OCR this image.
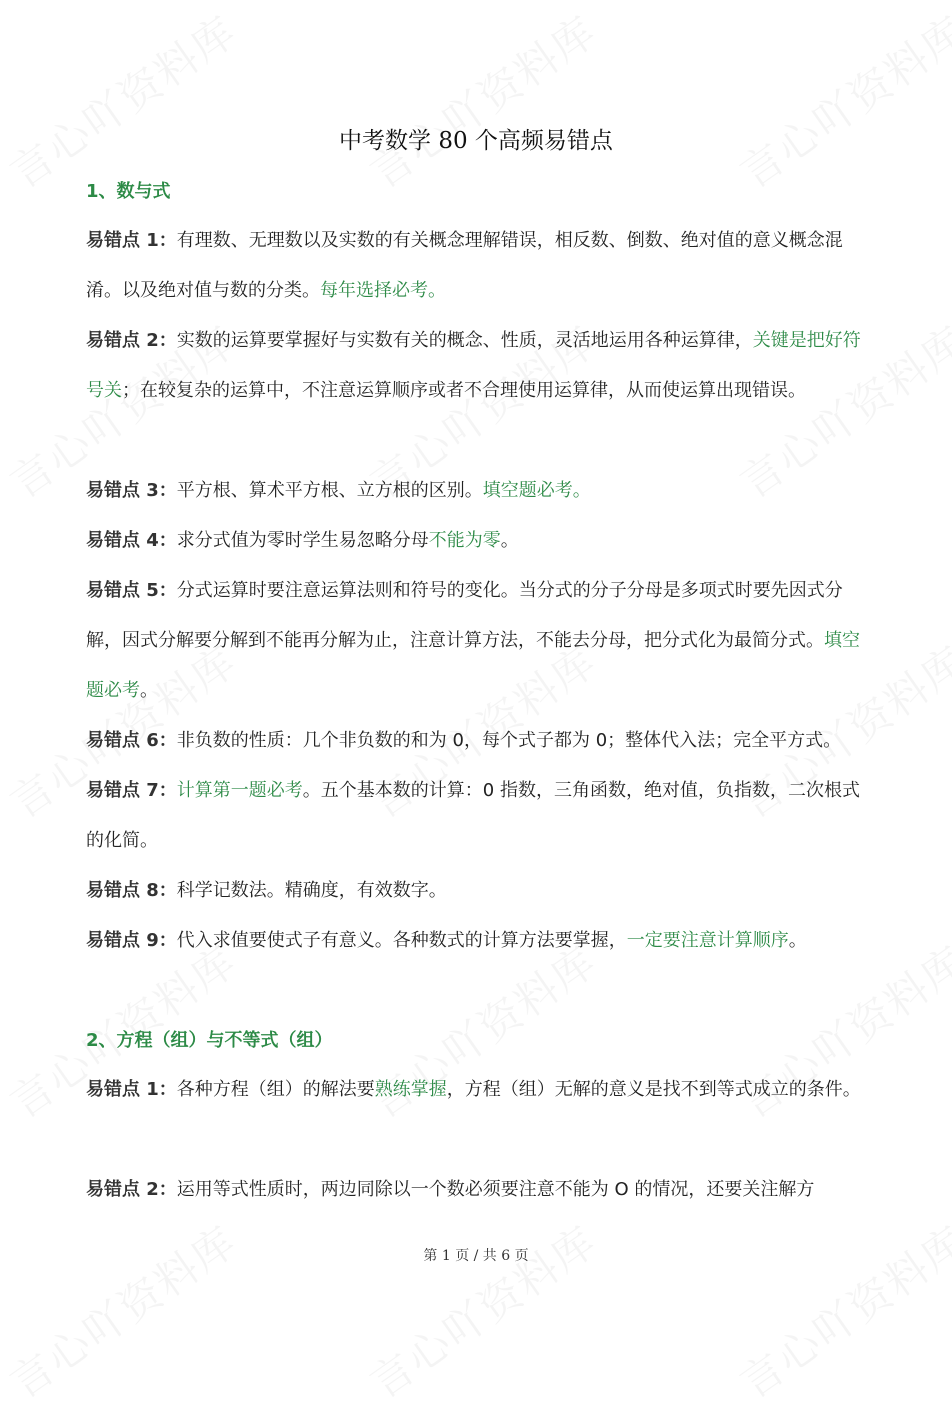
中考数学 80 个高频易错点
1、数与式
易错点 1：有理数、无理数以及实数的有关概念理解错误，相反数、倒数、绝对值的意义概念混淆。以及绝对值与数的分类。每年选择必考。
易错点 2：实数的运算要掌握好与实数有关的概念、性质，灵活地运用各种运算律，关键是把好符号关；在较复杂的运算中，不注意运算顺序或者不合理使用运算律，从而使运算出现错误。
易错点 3：平方根、算术平方根、立方根的区别。填空题必考。
易错点 4：求分式值为零时学生易忽略分母不能为零。
易错点 5：分式运算时要注意运算法则和符号的变化。当分式的分子分母是多项式时要先因式分解，因式分解要分解到不能再分解为止，注意计算方法，不能去分母，把分式化为最简分式。填空题必考。
易错点 6：非负数的性质：几个非负数的和为 0，每个式子都为 0；整体代入法；完全平方式。
易错点 7：计算第一题必考。五个基本数的计算：0 指数，三角函数，绝对值，负指数，二次根式的化简。
易错点 8：科学记数法。精确度，有效数字。
易错点 9：代入求值要使式子有意义。各种数式的计算方法要掌握，一定要注意计算顺序。
2、方程（组）与不等式（组）
易错点 1：各种方程（组）的解法要熟练掌握，方程（组）无解的意义是找不到等式成立的条件。
易错点 2：运用等式性质时，两边同除以一个数必须要注意不能为 O 的情况，还要关注解方
第 1 页 / 共 6 页
